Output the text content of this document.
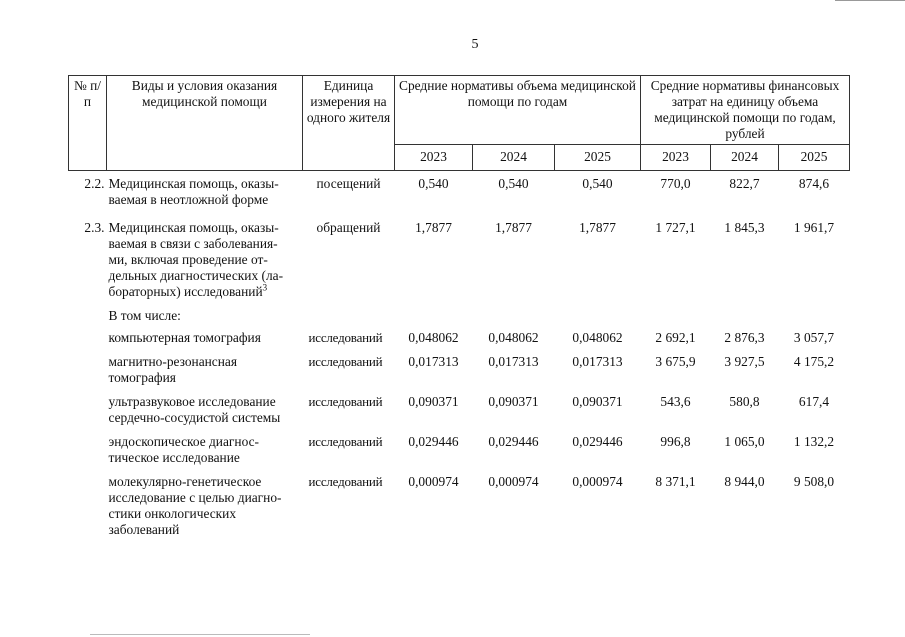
5
№ п/п	Виды и условия оказания медицинской помощи	Единица измерения на одного жителя	Средние нормативы объема медицинской помощи по годам			Средние нормативы финансовых затрат на единицу объема медицинской помощи по годам, рублей		
			2023	2024	2025	2023	2024	2025
2.2.	Медицинская помощь, оказы-
ваемая в неотложной форме	посещений	0,540	0,540	0,540	770,0	822,7	874,6
2.3.	Медицинская помощь, оказы-
ваемая в связи с заболевания-
ми, включая проведение от-
дельных диагностических (ла-
бораторных) исследований$^3$	обращений	1,7877	1,7877	1,7877	1 727,1	1 845,3	1 961,7
	В том числе:							
	компьютерная томография	исследований	0,048062	0,048062	0,048062	2 692,1	2 876,3	3 057,7
	магнитно-резонансная
томография	исследований	0,017313	0,017313	0,017313	3 675,9	3 927,5	4 175,2
	ультразвуковое исследование
сердечно-сосудистой системы	исследований	0,090371	0,090371	0,090371	543,6	580,8	617,4
	эндоскопическое диагнос-
тическое исследование	исследований	0,029446	0,029446	0,029446	996,8	1 065,0	1 132,2
	молекулярно-генетическое
исследование с целью диагно-
стики онкологических
заболеваний	исследований	0,000974	0,000974	0,000974	8 371,1	8 944,0	9 508,0
